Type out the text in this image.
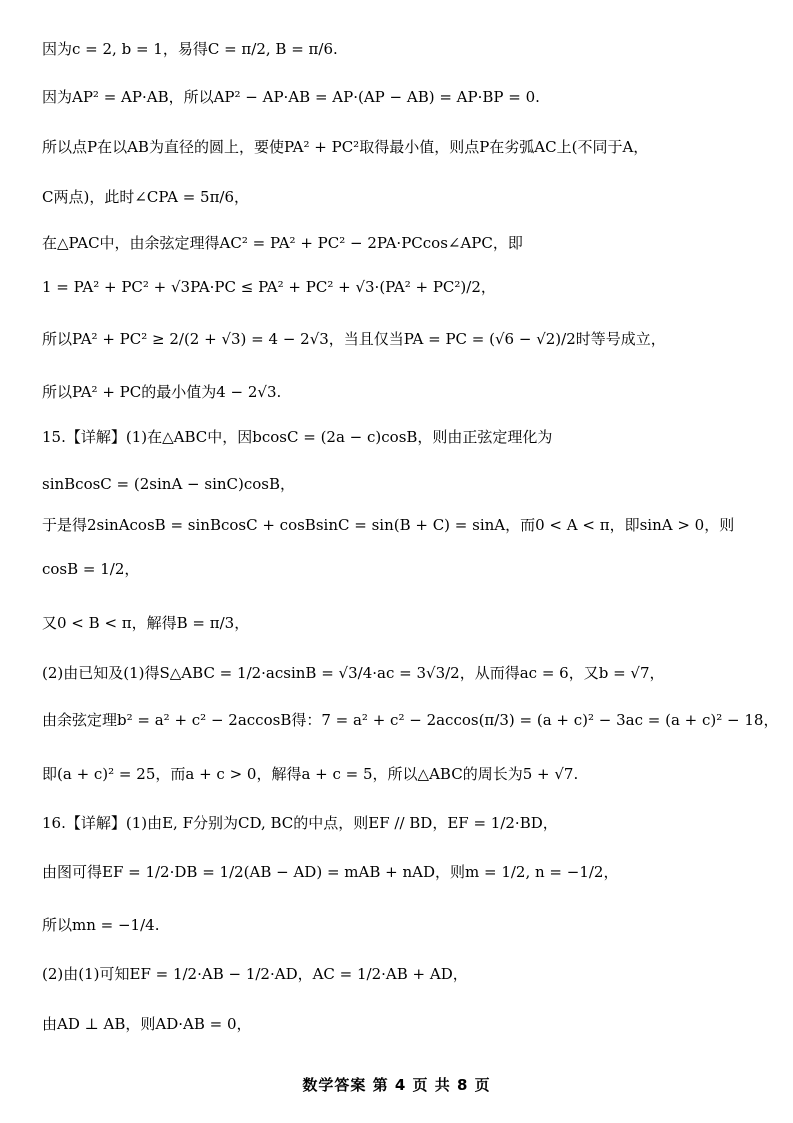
因为c = 2, b = 1，易得C = π/2, B = π/6.
因为AP² = AP·AB，所以AP² − AP·AB = AP·(AP − AB) = AP·BP = 0.
所以点P在以AB为直径的圆上，要使PA² + PC²取得最小值，则点P在劣弧AC上(不同于A，
C两点)，此时∠CPA = 5π/6，
在△PAC中，由余弦定理得AC² = PA² + PC² − 2PA·PCcos∠APC，即
1 = PA² + PC² + √3PA·PC ≤ PA² + PC² + √3·(PA² + PC²)/2，
所以PA² + PC² ≥ 2/(2 + √3) = 4 − 2√3，当且仅当PA = PC = (√6 − √2)/2时等号成立，
所以PA² + PC的最小值为4 − 2√3.
15.【详解】(1)在△ABC中，因bcosC = (2a − c)cosB，则由正弦定理化为
sinBcosC = (2sinA − sinC)cosB，
于是得2sinAcosB = sinBcosC + cosBsinC = sin(B + C) = sinA，而0 < A < π，即sinA > 0，则
cosB = 1/2，
又0 < B < π，解得B = π/3，
(2)由已知及(1)得S△ABC = 1/2·acsinB = √3/4·ac = 3√3/2，从而得ac = 6，又b = √7，
由余弦定理b² = a² + c² − 2accosB得：7 = a² + c² − 2accos(π/3) = (a + c)² − 3ac = (a + c)² − 18，
即(a + c)² = 25，而a + c > 0，解得a + c = 5，所以△ABC的周长为5 + √7.
16.【详解】(1)由E, F分别为CD, BC的中点，则EF // BD，EF = 1/2·BD，
由图可得EF = 1/2·DB = 1/2(AB − AD) = mAB + nAD，则m = 1/2, n = −1/2，
所以mn = −1/4.
(2)由(1)可知EF = 1/2·AB − 1/2·AD，AC = 1/2·AB + AD，
由AD ⊥ AB，则AD·AB = 0，
数学答案 第 4 页 共 8 页
